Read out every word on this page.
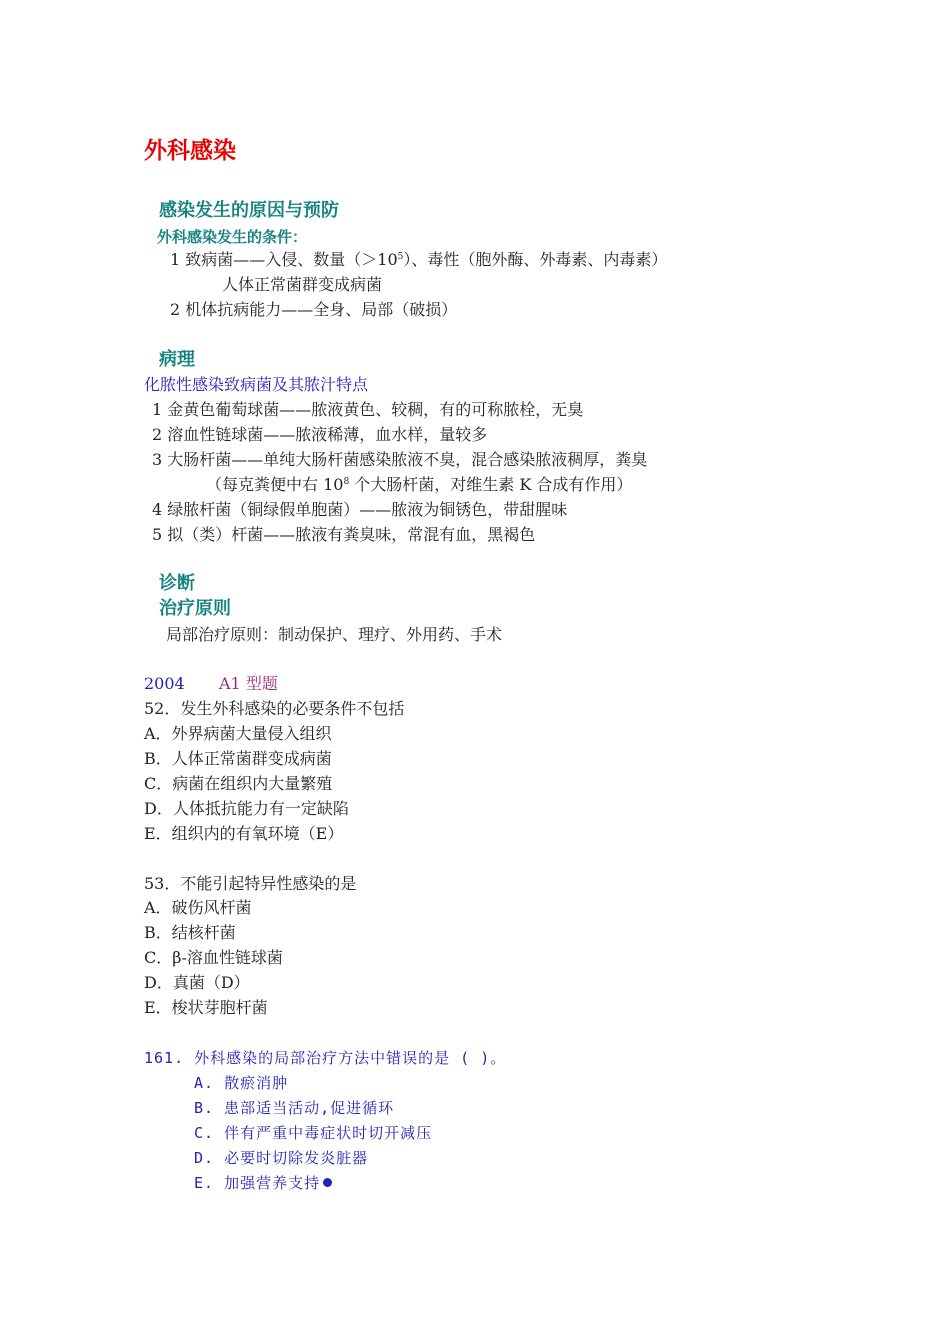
外科感染
感染发生的原因与预防
外科感染发生的条件：
1 致病菌——入侵、数量$(>10^5)$、毒性（胞外酶、外毒素、内毒素）
人体正常菌群变成病菌
2 机体抗病能力——全身、局部（破损）
病理
化脓性感染致病菌及其脓汁特点
1 金黄色葡萄球菌——脓液黄色、较稠，有的可称脓栓，无臭
2 溶血性链球菌——脓液稀薄，血水样，量较多
3 大肠杆菌——单纯大肠杆菌感染脓液不臭，混合感染脓液稠厚，粪臭
（每克粪便中右 $10^8$ 个大肠杆菌，对维生素 K 合成有作用）
4 绿脓杆菌（铜绿假单胞菌）——脓液为铜锈色，带甜腥味
5 拟（类）杆菌——脓液有粪臭味，常混有血，黑褐色
诊断
治疗原则
局部治疗原则：制动保护、理疗、外用药、手术
2004 A1 型题
52．发生外科感染的必要条件不包括
A．外界病菌大量侵入组织
B．人体正常菌群变成病菌
C．病菌在组织内大量繁殖
D．人体抵抗能力有一定缺陷
E．组织内的有氧环境（E）
53．不能引起特异性感染的是
A．破伤风杆菌
B．结核杆菌
C．β-溶血性链球菌
D．真菌（D）
E．梭状芽胞杆菌
161. 外科感染的局部治疗方法中错误的是 ( )。
A. 散瘀消肿
B. 患部适当活动,促进循环
C. 伴有严重中毒症状时切开减压
D. 必要时切除发炎脏器
E. 加强营养支持
